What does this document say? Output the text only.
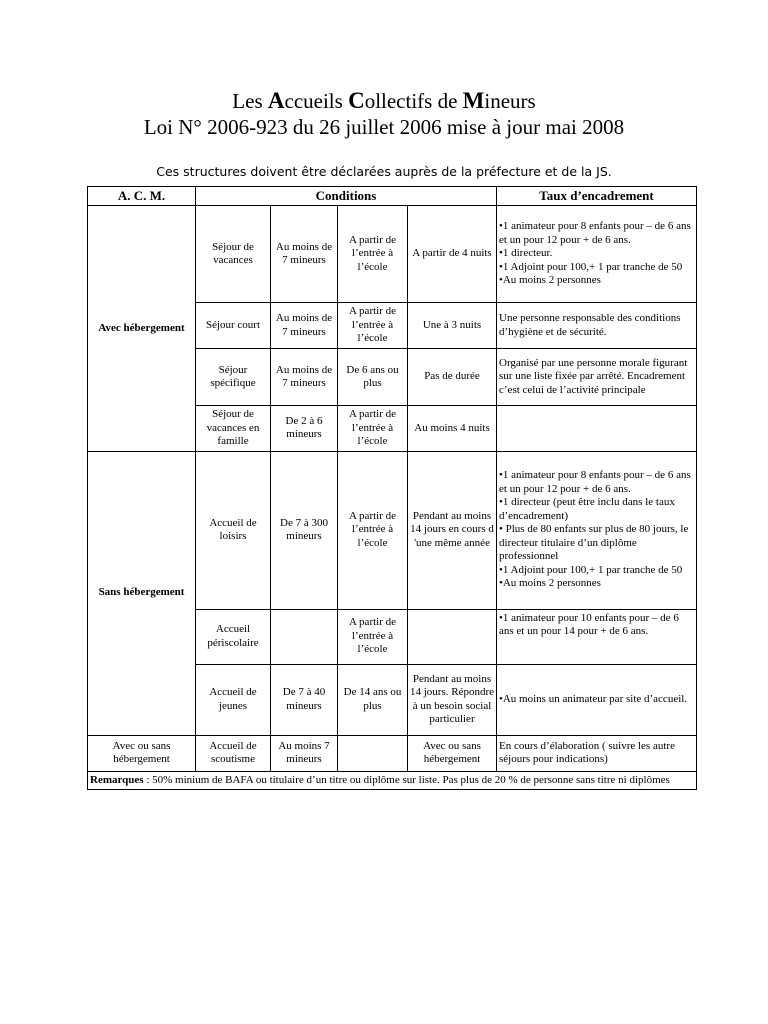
Les Accueils Collectifs de Mineurs
Loi N° 2006-923 du 26 juillet 2006 mise à jour mai 2008
Ces structures doivent être déclarées auprès de la préfecture et de la JS.
A. C. M.	Conditions				Taux d’encadrement
Avec hébergement	Séjour de vacances	Au moins de 7 mineurs	A partir de l’entrée à l’école	A partir de 4 nuits	•1 animateur pour 8 enfants pour – de 6 ans et un pour 12 pour + de 6 ans.
•1 directeur.
•1 Adjoint pour 100,+ 1 par tranche de 50
•Au moins 2 personnes

	Séjour court	Au moins de 7 mineurs	A partir de l’entrée à l’école	Une à 3 nuits	Une personne responsable des conditions d’hygiène et de sécurité.

	Séjour spécifique	Au moins de 7 mineurs	De 6 ans ou plus	Pas de durée	Organisé par une personne morale figurant sur une liste fixée par arrêté. Encadrement c’est celui de l’activité principale

	Séjour de vacances en famille	De 2 à 6 mineurs	A partir de l’entrée à l’école	Au moins 4 nuits	
Sans hébergement	Accueil de loisirs	De 7 à 300 mineurs	A partir de l’entrée à l’école	Pendant au moins 14 jours en cours d 'une même année	•1 animateur pour 8 enfants pour – de 6 ans et un pour 12 pour + de 6 ans.
•1 directeur (peut être inclu dans le taux d’encadrement)
• Plus de 80 enfants sur plus de 80 jours, le directeur titulaire d’un diplôme professionnel
•1 Adjoint pour 100,+ 1 par tranche de 50
•Au moins 2 personnes

	Accueil périscolaire		A partir de l’entrée à l’école		•1 animateur pour 10 enfants pour – de 6 ans et un pour 14 pour + de 6 ans.

	Accueil de jeunes	De 7 à 40 mineurs	De 14 ans ou plus	Pendant au moins 14 jours. Répondre à un besoin social particulier	•Au moins un animateur par site d’accueil.

Avec ou sans hébergement	Accueil de scoutisme	Au moins 7 mineurs		Avec ou sans hébergement	En cours d’élaboration ( suivre les autre séjours pour indications)

Remarques : 50% minium de BAFA ou titulaire d’un titre ou diplôme sur liste. Pas plus de 20 % de personne sans titre ni diplômes					
